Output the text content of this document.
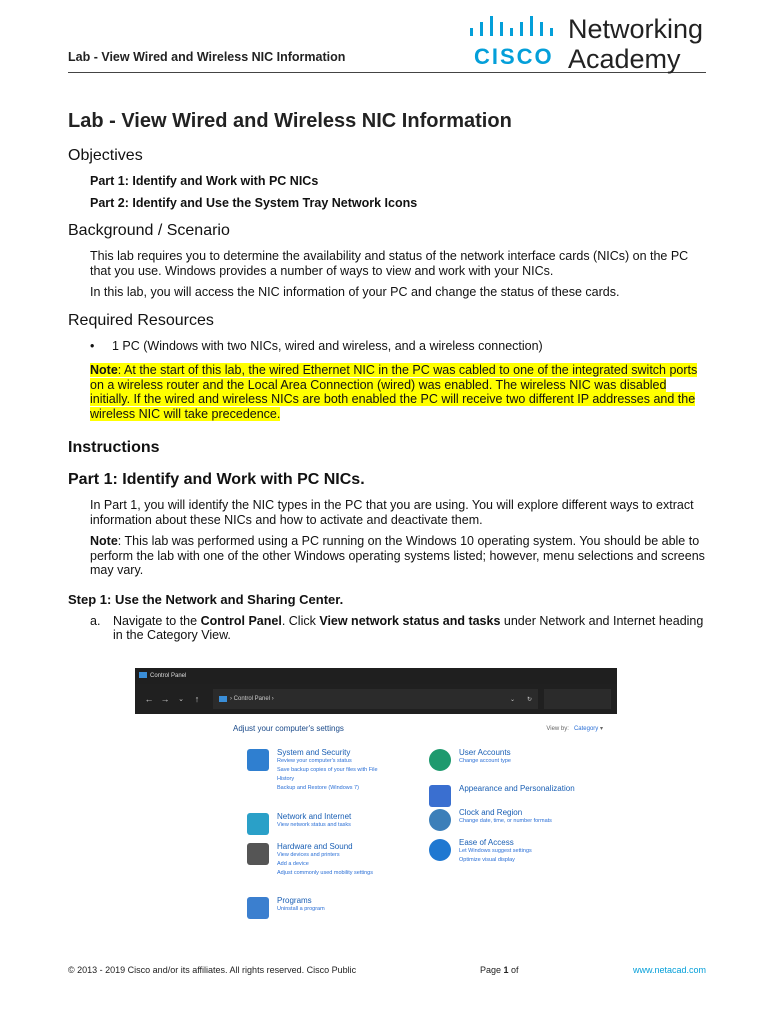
Lab - View Wired and Wireless NIC Information	CISCO
Networking
Academy
Lab - View Wired and Wireless NIC Information
Objectives
Part 1: Identify and Work with PC NICs
Part 2: Identify and Use the System Tray Network Icons
Background / Scenario

This lab requires you to determine the availability and status of the network interface cards (NICs) on the PC that you use. Windows provides a number of ways to view and work with your NICs.

In this lab, you will access the NIC information of your PC and change the status of these cards.

Required Resources
• 1 PC (Windows with two NICs, wired and wireless, and a wireless connection)

Note: At the start of this lab, the wired Ethernet NIC in the PC was cabled to one of the integrated switch ports on a wireless router and the Local Area Connection (wired) was enabled. The wireless NIC was disabled initially. If the wired and wireless NICs are both enabled the PC will receive two different IP addresses and the wireless NIC will take precedence.

Instructions
Part 1: Identify and Work with PC NICs.

In Part 1, you will identify the NIC types in the PC that you are using. You will explore different ways to extract information about these NICs and how to activate and deactivate them.

Note: This lab was performed using a PC running on the Windows 10 operating system. You should be able to perform the lab with one of the other Windows operating systems listed; however, menu selections and screens may vary.

Step 1: Use the Network and Sharing Center.
a. Navigate to the Control Panel. Click View network status and tasks under Network and Internet heading in the Category View.
Control Panel
← →	⌄	↑	› Control Panel ›	⌄ ↻
Adjust your computer's settings	View by: Category ▾
System and Security
Review your computer's status
Save backup copies of your files with File
History
Backup and Restore (Windows 7)
Network and Internet
View network status and tasks
Hardware and Sound
View devices and printers
Add a device
Adjust commonly used mobility settings
Programs
Uninstall a program
User Accounts
Change account type
Appearance and Personalization
Clock and Region
Change date, time, or number formats
Ease of Access
Let Windows suggest settings
Optimize visual display
© 2013 - 2019 Cisco and/or its affiliates. All rights reserved. Cisco Public	Page 1 of	www.netacad.com
